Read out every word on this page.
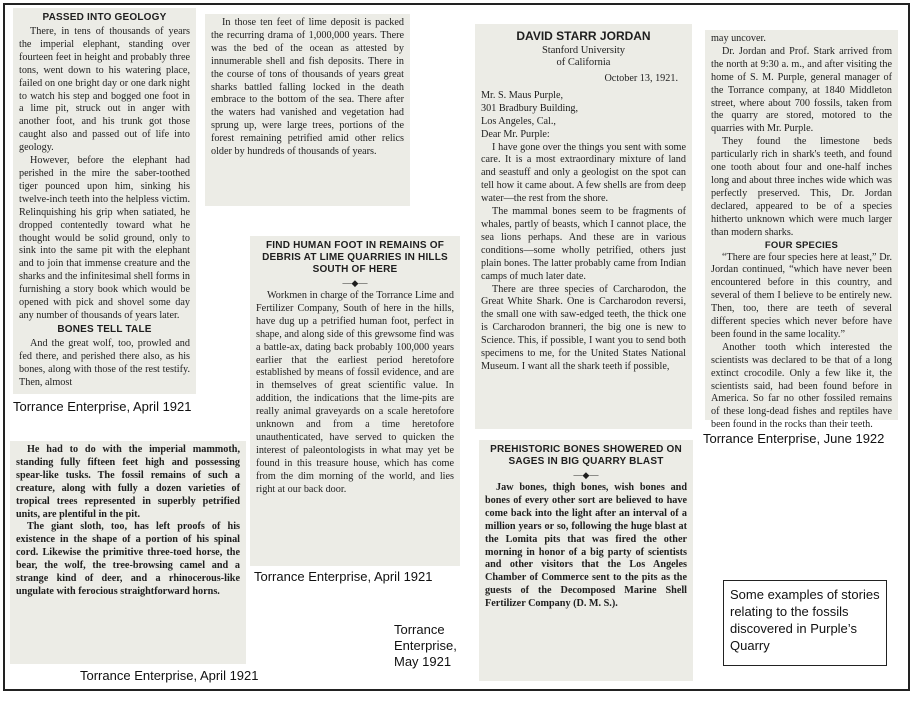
PASSED INTO GEOLOGY

There, in tens of thousands of years the imperial elephant, standing over fourteen feet in height and probably three tons, went down to his watering place, failed on one bright day or one dark night to watch his step and bogged one foot in a lime pit, struck out in anger with another foot, and his trunk got those caught also and passed out of life into geology.

However, before the elephant had perished in the mire the saber-toothed tiger pounced upon him, sinking his twelve-inch teeth into the helpless victim. Relinquishing his grip when satiated, he dropped contentedly toward what he thought would be solid ground, only to sink into the same pit with the elephant and to join that immense creature and the sharks and the infinitesimal shell forms in furnishing a story book which would be opened with pick and shovel some day any number of thousands of years later.

BONES TELL TALE

And the great wolf, too, prowled and fed there, and perished there also, as his bones, along with those of the rest testify. Then, almost

In those ten feet of lime deposit is packed the recurring drama of 1,000,000 years. There was the bed of the ocean as attested by innumerable shell and fish deposits. There in the course of tons of thousands of years great sharks battled falling locked in the death embrace to the bottom of the sea. There after the waters had vanished and vegetation had sprung up, were large trees, portions of the forest remaining petrified amid other relics older by hundreds of thousands of years.

FIND HUMAN FOOT IN REMAINS OF DEBRIS AT LIME QUARRIES IN HILLS SOUTH OF HERE
—◆—

Workmen in charge of the Torrance Lime and Fertilizer Company, South of here in the hills, have dug up a petrified human foot, perfect in shape, and along side of this grewsome find was a battle-ax, dating back probably 100,000 years earlier that the earliest period heretofore established by means of fossil evidence, and are in themselves of great scientific value. In addition, the indications that the lime-pits are really animal graveyards on a scale heretofore unknown and from a time heretofore unauthenticated, have served to quicken the interest of paleontologists in what may yet be found in this treasure house, which has come from the dim morning of the world, and lies right at our back door.

He had to do with the imperial mammoth, standing fully fifteen feet high and possessing spear-like tusks. The fossil remains of such a creature, along with fully a dozen varieties of tropical trees represented in superbly petrified units, are plentiful in the pit.

The giant sloth, too, has left proofs of his existence in the shape of a portion of his spinal cord. Likewise the primitive three-toed horse, the bear, the wolf, the tree-browsing camel and a strange kind of deer, and a rhinocerous-like ungulate with ferocious straightforward horns.

DAVID STARR JORDAN
Stanford University
of California
October 13, 1921.

Mr. S. Maus Purple,

301 Bradbury Building,

Los Angeles, Cal.,

Dear Mr. Purple:

I have gone over the things you sent with some care. It is a most extraordinary mixture of land and seastuff and only a geologist on the spot can tell how it came about. A few shells are from deep water—the rest from the shore.

The mammal bones seem to be fragments of whales, partly of beasts, which I cannot place, the sea lions perhaps. And these are in various conditions—some wholly petrified, others just plain bones. The latter probably came from Indian camps of much later date.

There are three species of Carcharodon, the Great White Shark. One is Carcharodon reversi, the small one with saw-edged teeth, the thick one is Carcharodon branneri, the big one is new to Science. This, if possible, I want you to send both specimens to me, for the United States National Museum. I want all the shark teeth if possible,

may uncover.

Dr. Jordan and Prof. Stark arrived from the north at 9:30 a. m., and after visiting the home of S. M. Purple, general manager of the Torrance company, at 1840 Middleton street, where about 700 fossils, taken from the quarry are stored, motored to the quarries with Mr. Purple.

They found the limestone beds particularly rich in shark's teeth, and found one tooth about four and one-half inches long and about three inches wide which was perfectly preserved. This, Dr. Jordan declared, appeared to be of a species hitherto unknown which were much larger than modern sharks.

FOUR SPECIES

“There are four species here at least,” Dr. Jordan continued, “which have never been encountered before in this country, and several of them I believe to be entirely new. Then, too, there are teeth of several different species which never before have been found in the same locality.”

Another tooth which interested the scientists was declared to be that of a long extinct crocodile. Only a few like it, the scientists said, had been found before in America. So far no other fossiled remains of these long-dead fishes and reptiles have been found in the rocks than their teeth.

PREHISTORIC BONES SHOWERED ON SAGES IN BIG QUARRY BLAST
—◆—

Jaw bones, thigh bones, wish bones and bones of every other sort are believed to have come back into the light after an interval of a million years or so, following the huge blast at the Lomita pits that was fired the other morning in honor of a big party of scientists and other visitors that the Los Angeles Chamber of Commerce sent to the pits as the guests of the Decomposed Marine Shell Fertilizer Company (D. M. S.).

Torrance Enterprise, April 1921
Torrance Enterprise, April 1921
Torrance Enterprise, April 1921
Torrance
Enterprise,
May 1921
Torrance Enterprise, June 1922
Some examples of stories relating to the fossils discovered in Purple’s Quarry
